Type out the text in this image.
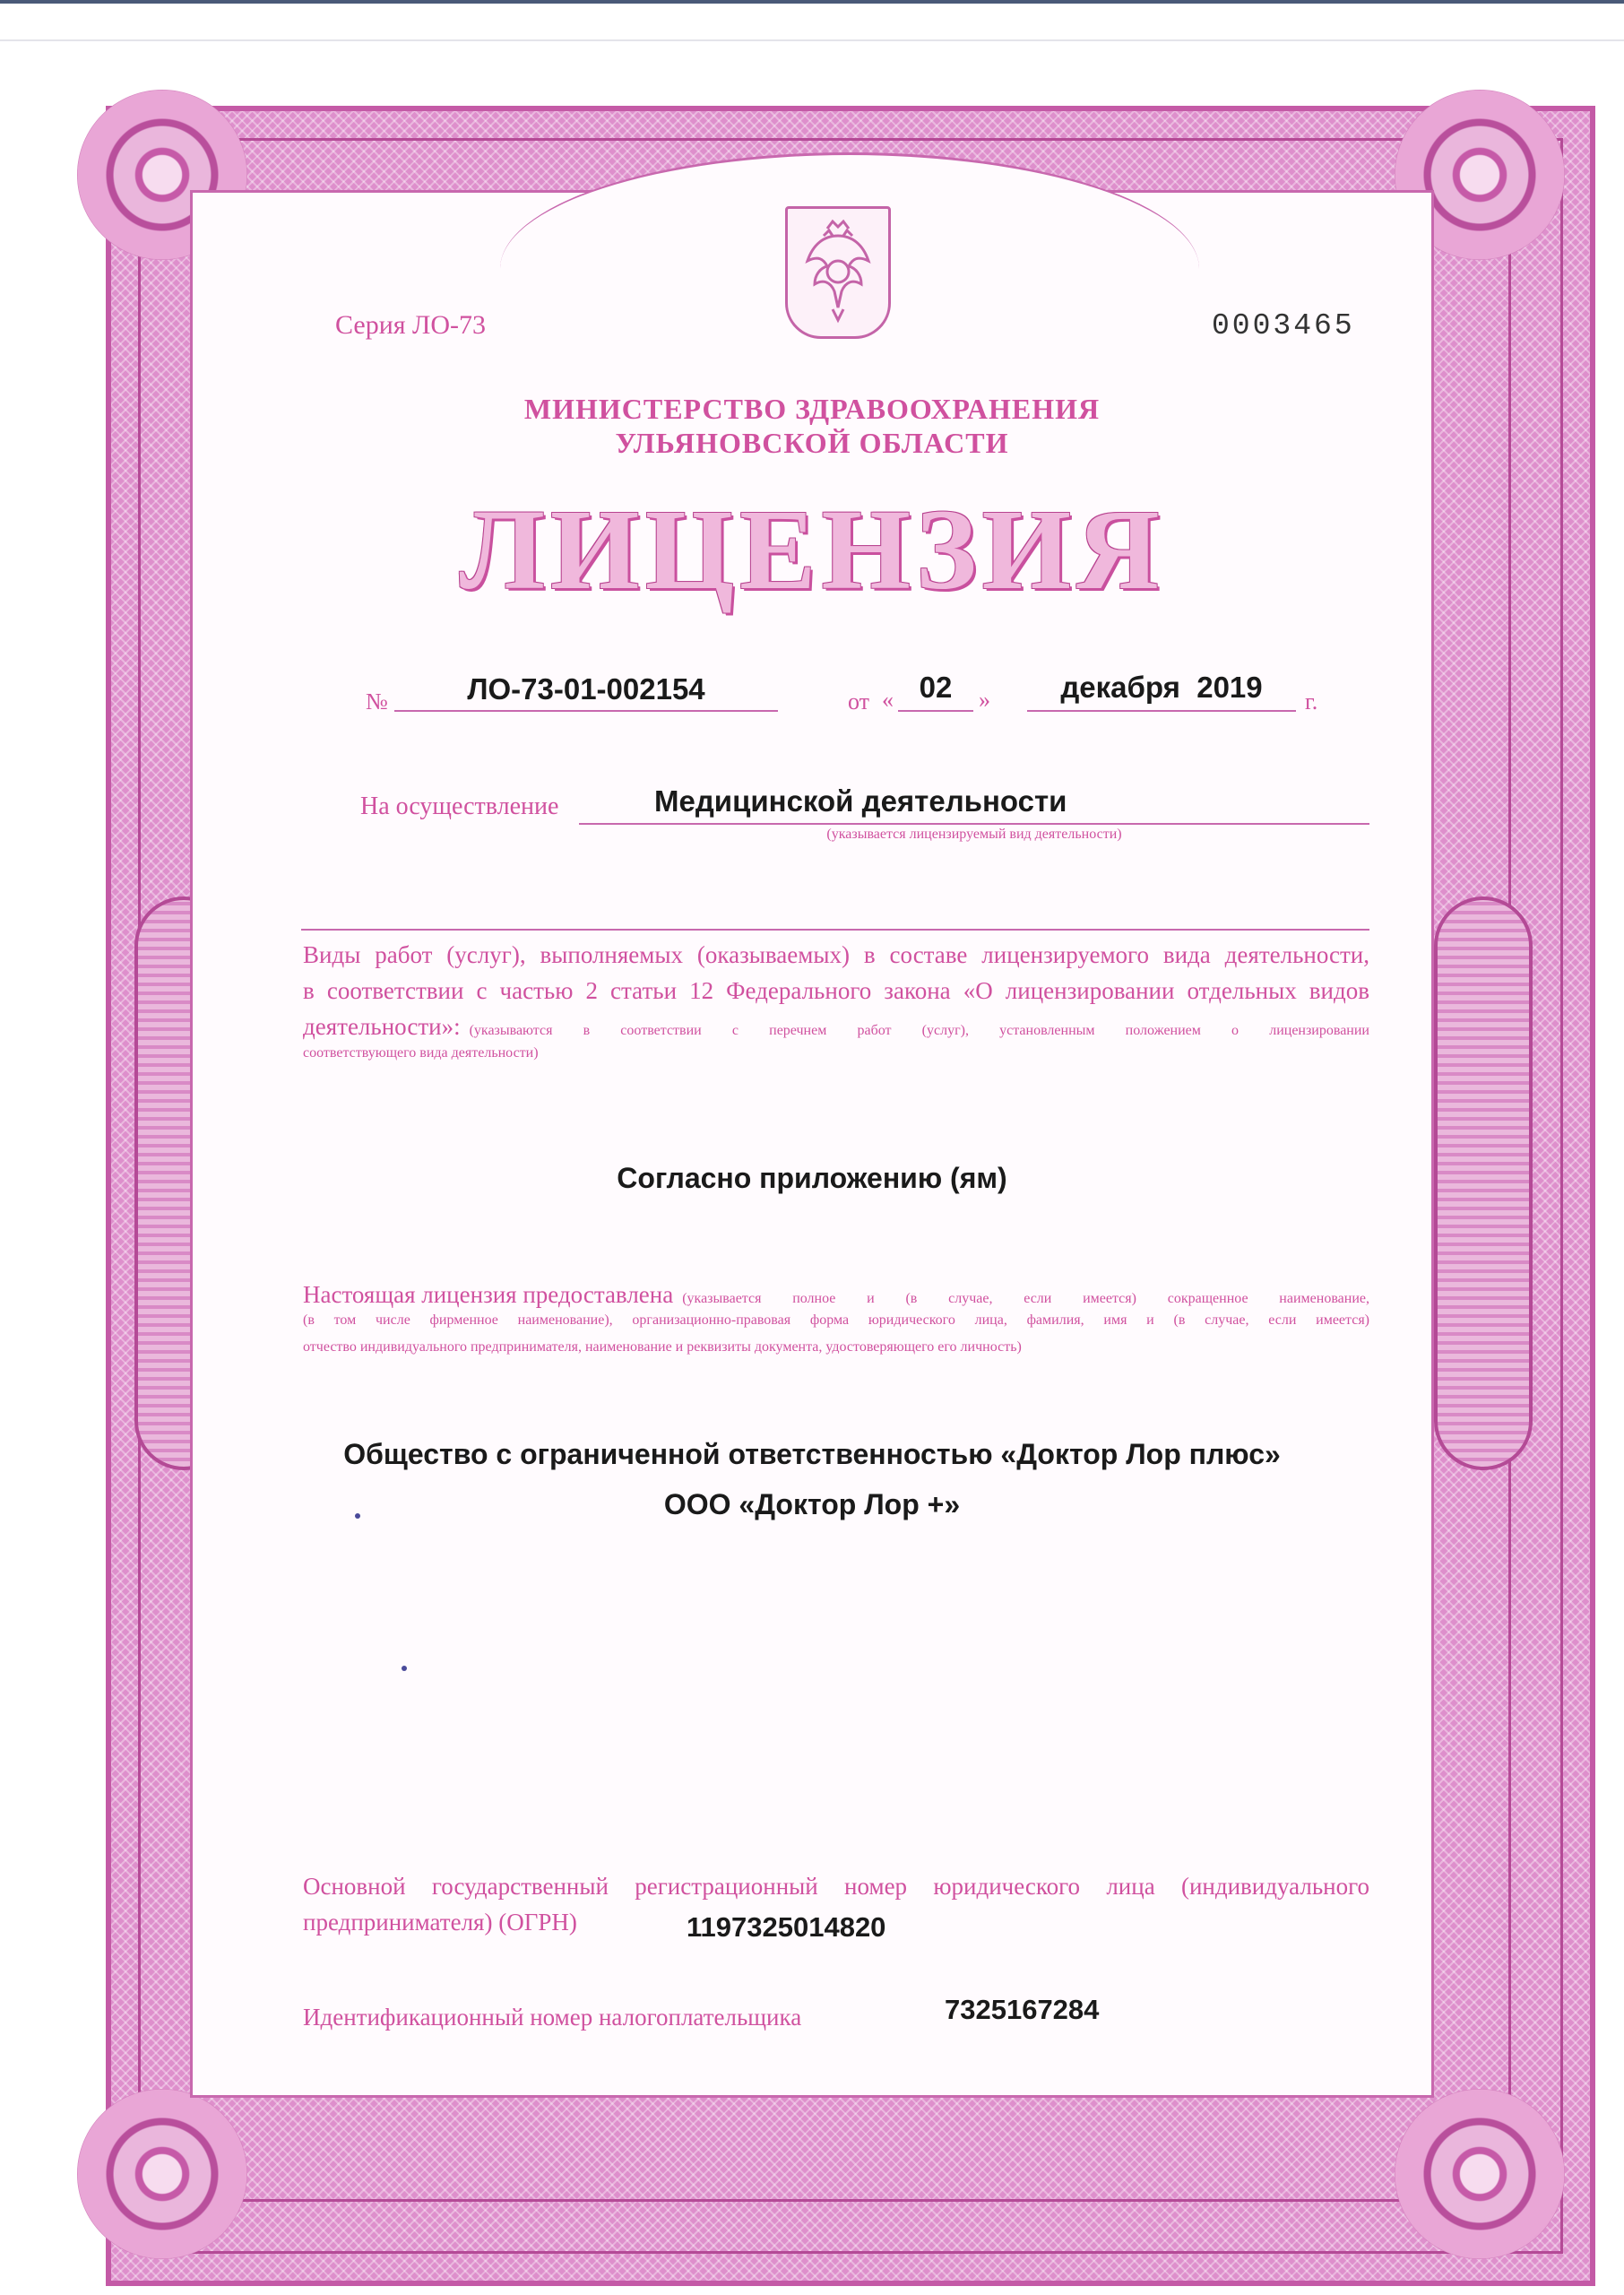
Серия ЛО-73	0003465
МИНИСТЕРСТВО ЗДРАВООХРАНЕНИЯ
УЛЬЯНОВСКОЙ ОБЛАСТИ
ЛИЦЕНЗИЯ
№	ЛО-73-01-002154	от « 02	»	декабря  2019	г.
На осуществление	Медицинской деятельности
(указывается лицензируемый вид деятельности)
Виды работ (услуг), выполняемых (оказываемых) в составе лицензируемого вида деятельности,
в соответствии с частью 2 статьи 12 Федерального закона «О лицензировании отдельных видов
деятельности»: (указываются в соответствии с перечнем работ (услуг), установленным положением о лицензировании
соответствующего вида деятельности)
Согласно приложению (ям)
Настоящая лицензия предоставлена (указывается полное и (в случае, если имеется) сокращенное наименование,
(в том числе фирменное наименование), организационно-правовая форма юридического лица, фамилия, имя и (в случае, если имеется)
отчество индивидуального предпринимателя, наименование и реквизиты документа, удостоверяющего его личность)
Общество с ограниченной ответственностью «Доктор Лор плюс»
ООО «Доктор Лор +»
Основной государственный регистрационный номер юридического лица (индивидуального
предпринимателя) (ОГРН)	1197325014820
Идентификационный номер налогоплательщика	7325167284
